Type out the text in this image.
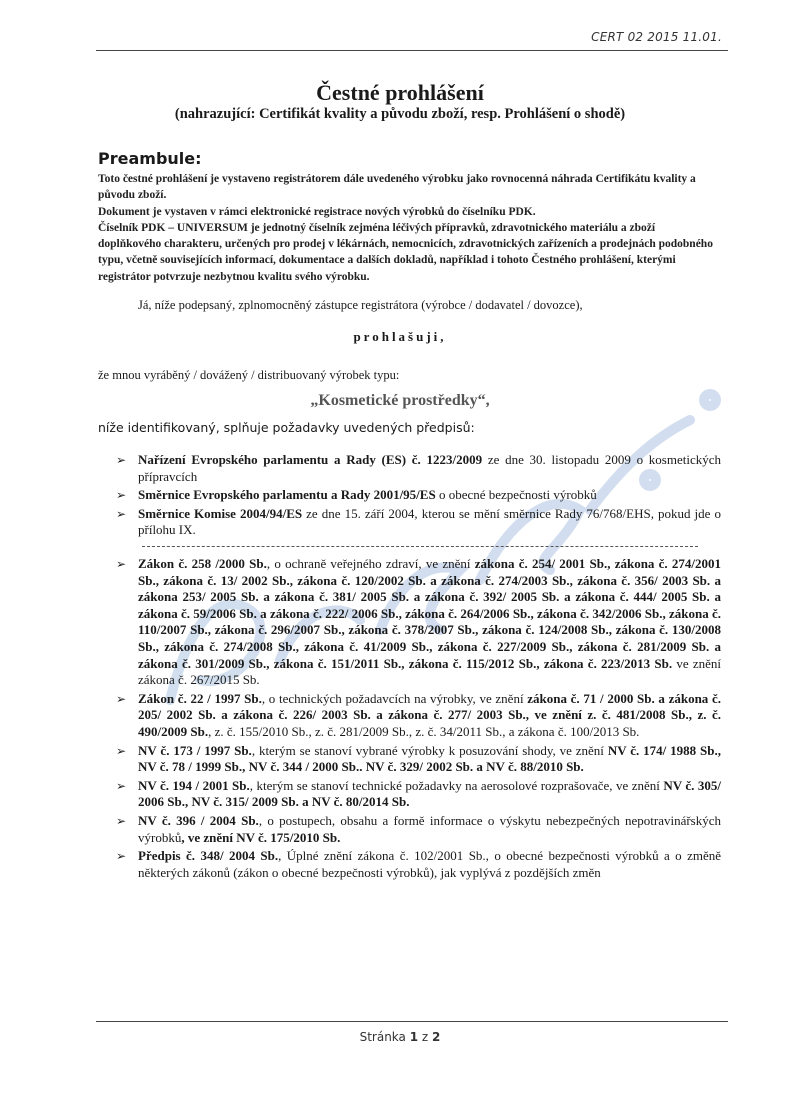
CERT 02 2015 11.01.
Čestné prohlášení
(nahrazující: Certifikát kvality a původu zboží, resp. Prohlášení o shodě)
Preambule:

Toto čestné prohlášení je vystaveno registrátorem dále uvedeného výrobku jako rovnocenná náhrada Certifikátu kvality a původu zboží.

Dokument je vystaven v rámci elektronické registrace nových výrobků do číselníku PDK.

Číselník PDK – UNIVERSUM je jednotný číselník zejména léčivých přípravků, zdravotnického materiálu a zboží doplňkového charakteru, určených pro prodej v lékárnách, nemocnicích, zdravotnických zařízeních a prodejnách podobného typu, včetně souvisejících informací, dokumentace a dalších dokladů, například i tohoto Čestného prohlášení, kterými registrátor potvrzuje nezbytnou kvalitu svého výrobku.

Já, níže podepsaný, zplnomocněný zástupce registrátora (výrobce / dodavatel / dovozce),
prohlašuji,
že mnou vyráběný / dovážený / distribuovaný výrobek typu:
„Kosmetické prostředky“,
níže identifikovaný, splňuje požadavky uvedených předpisů:
➢ Nařízení Evropského parlamentu a Rady (ES) č. 1223/2009 ze dne 30. listopadu 2009 o kosmetických přípravcích
➢ Směrnice Evropského parlamentu a Rady 2001/95/ES o obecné bezpečnosti výrobků
➢ Směrnice Komise 2004/94/ES ze dne 15. září 2004, kterou se mění směrnice Rady 76/768/EHS, pokud jde o přílohu IX.
➢ Zákon č. 258 /2000 Sb., o ochraně veřejného zdraví, ve znění zákona č. 254/ 2001 Sb., zákona č. 274/2001 Sb., zákona č. 13/ 2002 Sb., zákona č. 120/2002 Sb. a zákona č. 274/2003 Sb., zákona č. 356/ 2003 Sb. a zákona 253/ 2005 Sb. a zákona č. 381/ 2005 Sb. a zákona č. 392/ 2005 Sb. a zákona č. 444/ 2005 Sb. a zákona č. 59/2006 Sb. a zákona č. 222/ 2006 Sb., zákona č. 264/2006 Sb., zákona č. 342/2006 Sb., zákona č. 110/2007 Sb., zákona č. 296/2007 Sb., zákona č. 378/2007 Sb., zákona č. 124/2008 Sb., zákona č. 130/2008 Sb., zákona č. 274/2008 Sb., zákona č. 41/2009 Sb., zákona č. 227/2009 Sb., zákona č. 281/2009 Sb. a zákona č. 301/2009 Sb., zákona č. 151/2011 Sb., zákona č. 115/2012 Sb., zákona č. 223/2013 Sb. ve znění zákona č. 267/2015 Sb.
➢ Zákon č. 22 / 1997 Sb., o technických požadavcích na výrobky, ve znění zákona č. 71 / 2000 Sb. a zákona č. 205/ 2002 Sb. a zákona č. 226/ 2003 Sb. a zákona č. 277/ 2003 Sb., ve znění z. č. 481/2008 Sb., z. č. 490/2009 Sb., z. č. 155/2010 Sb., z. č. 281/2009 Sb., z. č. 34/2011 Sb., a zákona č. 100/2013 Sb.
➢ NV č. 173 / 1997 Sb., kterým se stanoví vybrané výrobky k posuzování shody, ve znění NV č. 174/ 1988 Sb., NV č. 78 / 1999 Sb., NV č. 344 / 2000 Sb.. NV č. 329/ 2002 Sb. a NV č. 88/2010 Sb.
➢ NV č. 194 / 2001 Sb., kterým se stanoví technické požadavky na aerosolové rozprašovače, ve znění NV č. 305/ 2006 Sb., NV č. 315/ 2009 Sb. a NV č. 80/2014 Sb.
➢ NV č. 396 / 2004 Sb., o postupech, obsahu a formě informace o výskytu nebezpečných nepotravinářských výrobků, ve znění NV č. 175/2010 Sb.
➢ Předpis č. 348/ 2004 Sb., Úplné znění zákona č. 102/2001 Sb., o obecné bezpečnosti výrobků a o změně některých zákonů (zákon o obecné bezpečnosti výrobků), jak vyplývá z pozdějších změn
Stránka 1 z 2
